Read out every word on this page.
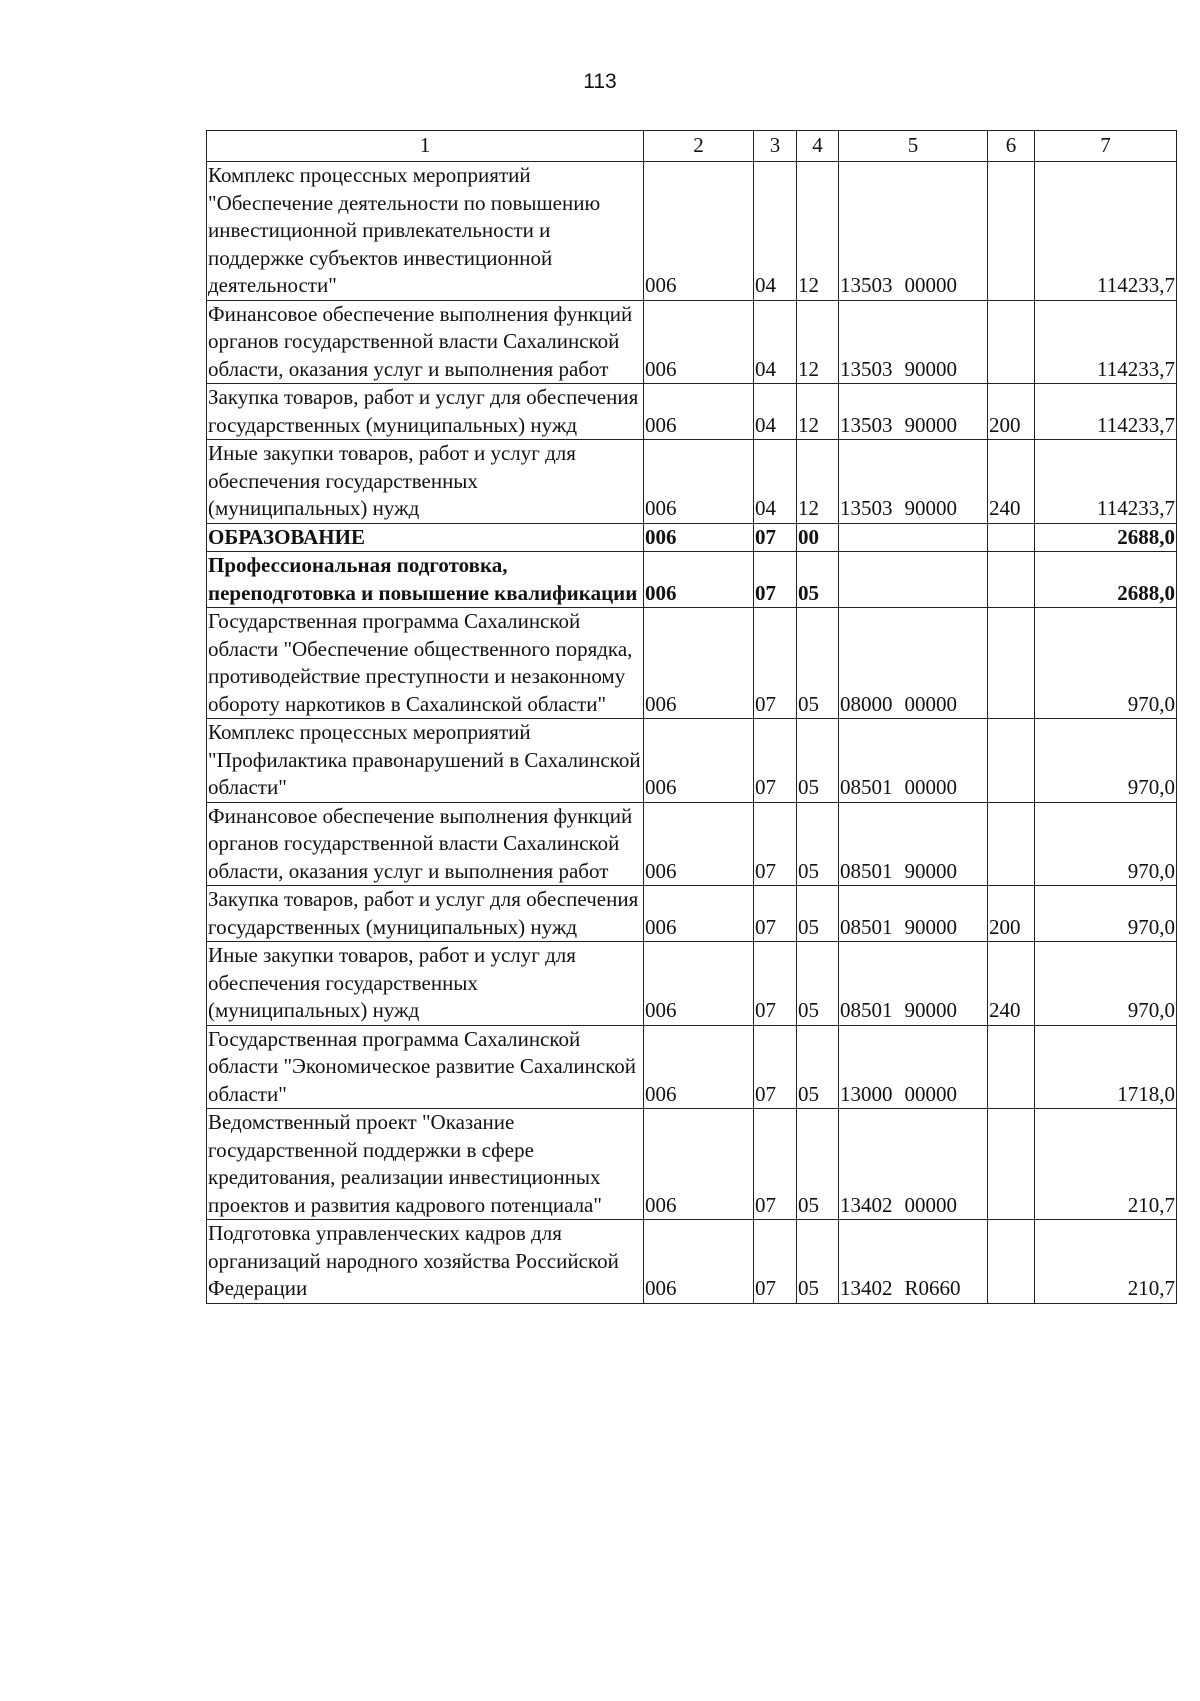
113
1	2	3	4	5	6	7
Комплекс процессных мероприятий "Обеспечение деятельности по повышению инвестиционной привлекательности и поддержке субъектов инвестиционной деятельности"	006	04	12	13503 00000		114233,7
Финансовое обеспечение выполнения функций органов государственной власти Сахалинской области, оказания услуг и выполнения работ	006	04	12	13503 90000		114233,7
Закупка товаров, работ и услуг для обеспечения государственных (муниципальных) нужд	006	04	12	13503 90000	200	114233,7
Иные закупки товаров, работ и услуг для обеспечения государственных (муниципальных) нужд	006	04	12	13503 90000	240	114233,7
ОБРАЗОВАНИЕ	006	07	00			2688,0
Профессиональная подготовка, переподготовка и повышение квалификации	006	07	05			2688,0
Государственная программа Сахалинской области "Обеспечение общественного порядка, противодействие преступности и незаконному обороту наркотиков в Сахалинской области"	006	07	05	08000 00000		970,0
Комплекс процессных мероприятий "Профилактика правонарушений в Сахалинской области"	006	07	05	08501 00000		970,0
Финансовое обеспечение выполнения функций органов государственной власти Сахалинской области, оказания услуг и выполнения работ	006	07	05	08501 90000		970,0
Закупка товаров, работ и услуг для обеспечения государственных (муниципальных) нужд	006	07	05	08501 90000	200	970,0
Иные закупки товаров, работ и услуг для обеспечения государственных (муниципальных) нужд	006	07	05	08501 90000	240	970,0
Государственная программа Сахалинской области "Экономическое развитие Сахалинской области"	006	07	05	13000 00000		1718,0
Ведомственный проект "Оказание государственной поддержки в сфере кредитования, реализации инвестиционных проектов и развития кадрового потенциала"	006	07	05	13402 00000		210,7
Подготовка управленческих кадров для организаций народного хозяйства Российской Федерации	006	07	05	13402 R0660		210,7
